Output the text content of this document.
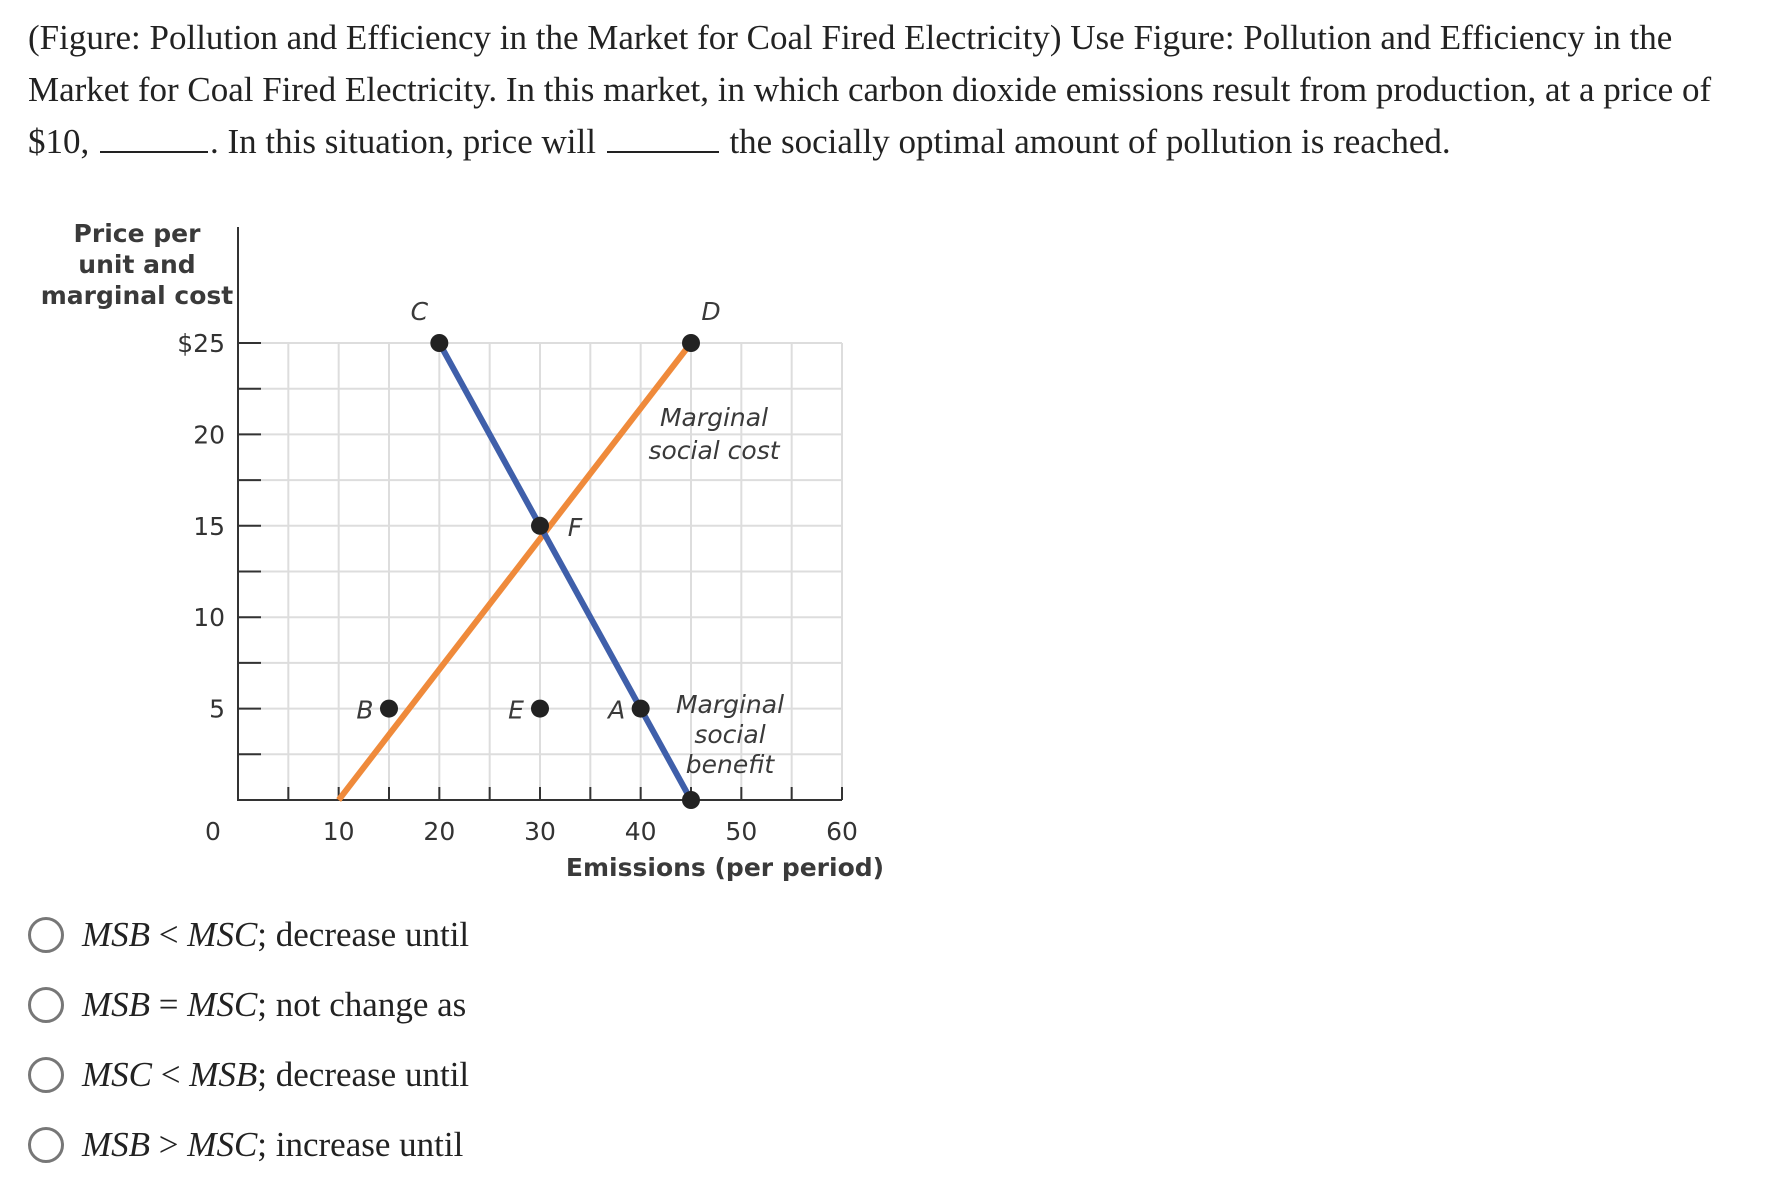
(Figure: Pollution and Efficiency in the Market for Coal Fired Electricity) Use Figure: Pollution and Efficiency in the
Market for Coal Fired Electricity. In this market, in which carbon dioxide emissions result from production, at a price of
$10,	. In this situation, price will	the socially optimal amount of pollution is reached.
$25
20
15
10
5
0	10	20	30	40	50	60
Price per
unit and
marginal cost
Emissions (per period)
Marginal
social cost
Marginal
social
benefit
C	D
F
B	E	A
MSB < MSC; decrease until
MSB = MSC; not change as
MSC < MSB; decrease until
MSB > MSC; increase until
